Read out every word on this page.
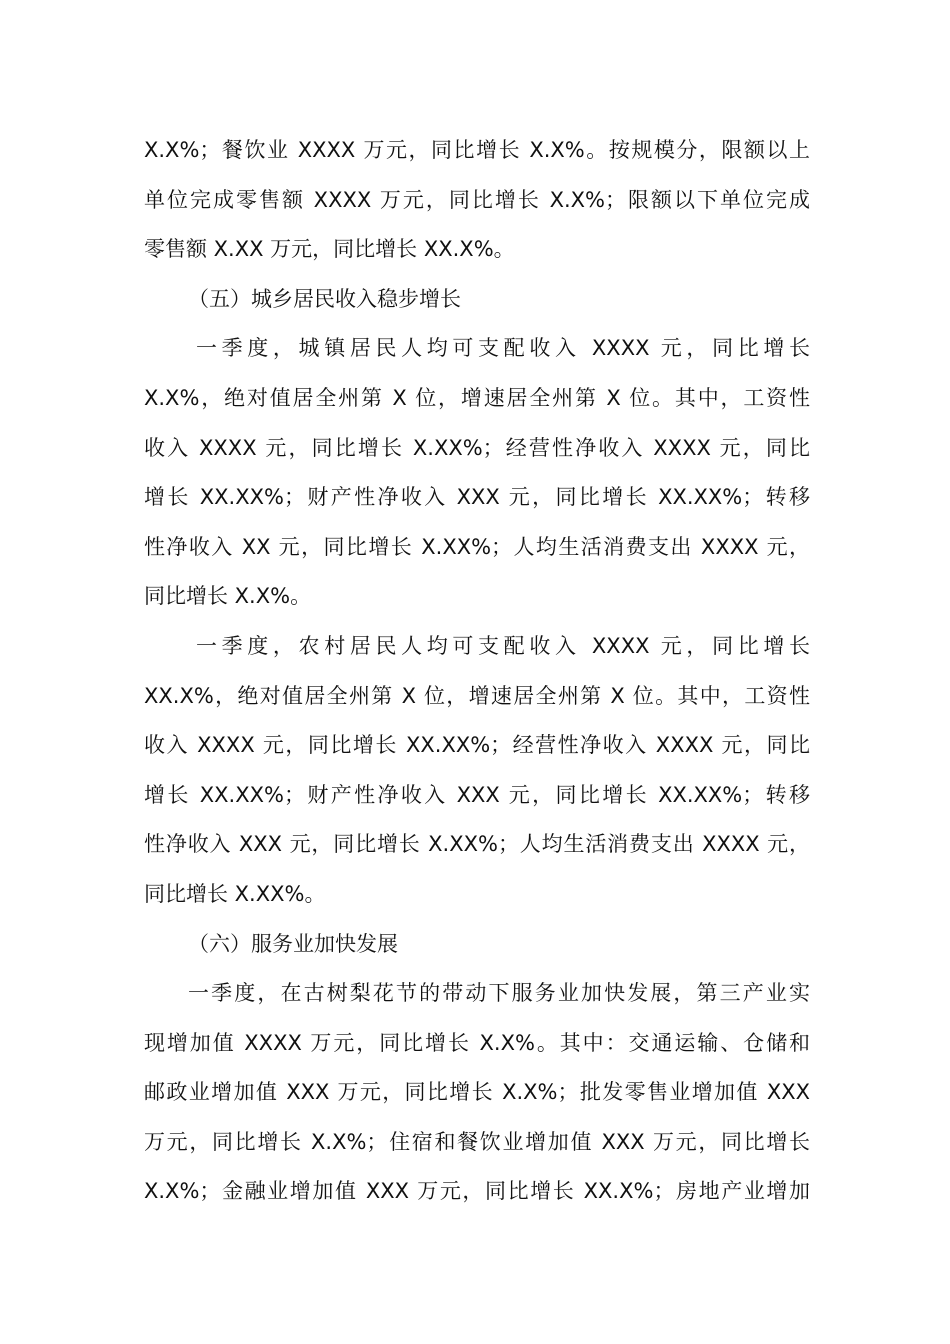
X.X%；餐饮业 XXXX 万元，同比增长 X.X%。按规模分，限额以上
单位完成零售额 XXXX 万元，同比增长 X.X%；限额以下单位完成
零售额 X.XX 万元，同比增长 XX.X%。
（五）城乡居民收入稳步增长
一季度，城镇居民人均可支配收入 XXXX 元，同比增长
X.X%，绝对值居全州第 X 位，增速居全州第 X 位。其中，工资性
收入 XXXX 元，同比增长 X.XX%；经营性净收入 XXXX 元，同比
增长 XX.XX%；财产性净收入 XXX 元，同比增长 XX.XX%；转移
性净收入 XX 元，同比增长 X.XX%；人均生活消费支出 XXXX 元，
同比增长 X.X%。
一季度，农村居民人均可支配收入 XXXX 元，同比增长
XX.X%，绝对值居全州第 X 位，增速居全州第 X 位。其中，工资性
收入 XXXX 元，同比增长 XX.XX%；经营性净收入 XXXX 元，同比
增长 XX.XX%；财产性净收入 XXX 元，同比增长 XX.XX%；转移
性净收入 XXX 元，同比增长 X.XX%；人均生活消费支出 XXXX 元，
同比增长 X.XX%。
（六）服务业加快发展
一季度，在古树梨花节的带动下服务业加快发展，第三产业实
现增加值 XXXX 万元，同比增长 X.X%。其中：交通运输、仓储和
邮政业增加值 XXX 万元，同比增长 X.X%；批发零售业增加值 XXX
万元，同比增长 X.X%；住宿和餐饮业增加值 XXX 万元，同比增长
X.X%；金融业增加值 XXX 万元，同比增长 XX.X%；房地产业增加
